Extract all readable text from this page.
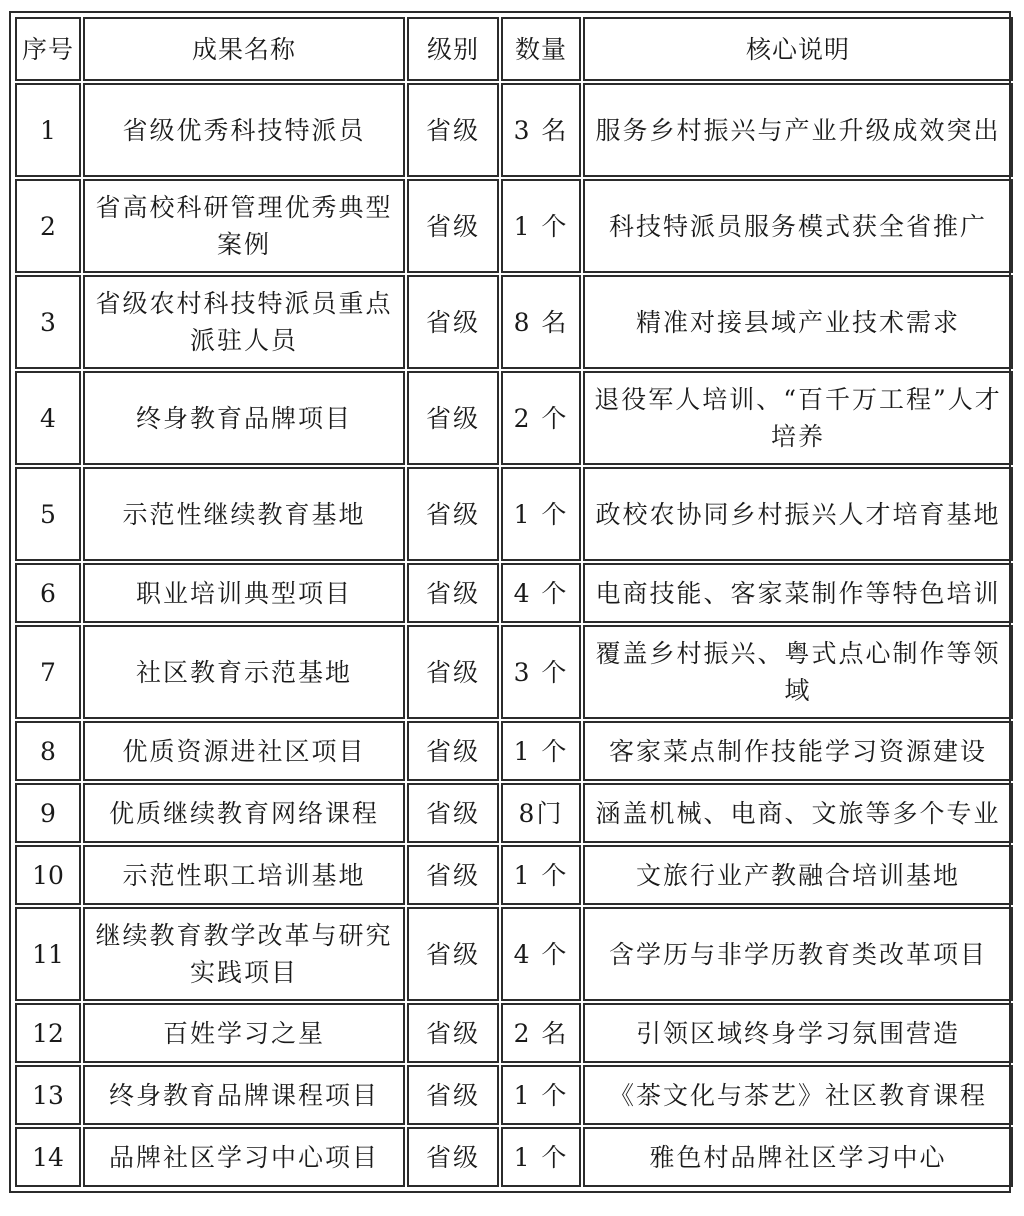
序号	成果名称	级别	数量	核心说明
1	省级优秀科技特派员	省级	3 名	服务乡村振兴与产业升级成效突出
2	省高校科研管理优秀典型案例	省级	1 个	科技特派员服务模式获全省推广
3	省级农村科技特派员重点派驻人员	省级	8 名	精准对接县域产业技术需求
4	终身教育品牌项目	省级	2 个	退役军人培训、“百千万工程”人才培养
5	示范性继续教育基地	省级	1 个	政校农协同乡村振兴人才培育基地
6	职业培训典型项目	省级	4 个	电商技能、客家菜制作等特色培训
7	社区教育示范基地	省级	3 个	覆盖乡村振兴、粤式点心制作等领域
8	优质资源进社区项目	省级	1 个	客家菜点制作技能学习资源建设
9	优质继续教育网络课程	省级	8门	涵盖机械、电商、文旅等多个专业
10	示范性职工培训基地	省级	1 个	文旅行业产教融合培训基地
11	继续教育教学改革与研究实践项目	省级	4 个	含学历与非学历教育类改革项目
12	百姓学习之星	省级	2 名	引领区域终身学习氛围营造
13	终身教育品牌课程项目	省级	1 个	《茶文化与茶艺》社区教育课程
14	品牌社区学习中心项目	省级	1 个	雅色村品牌社区学习中心
